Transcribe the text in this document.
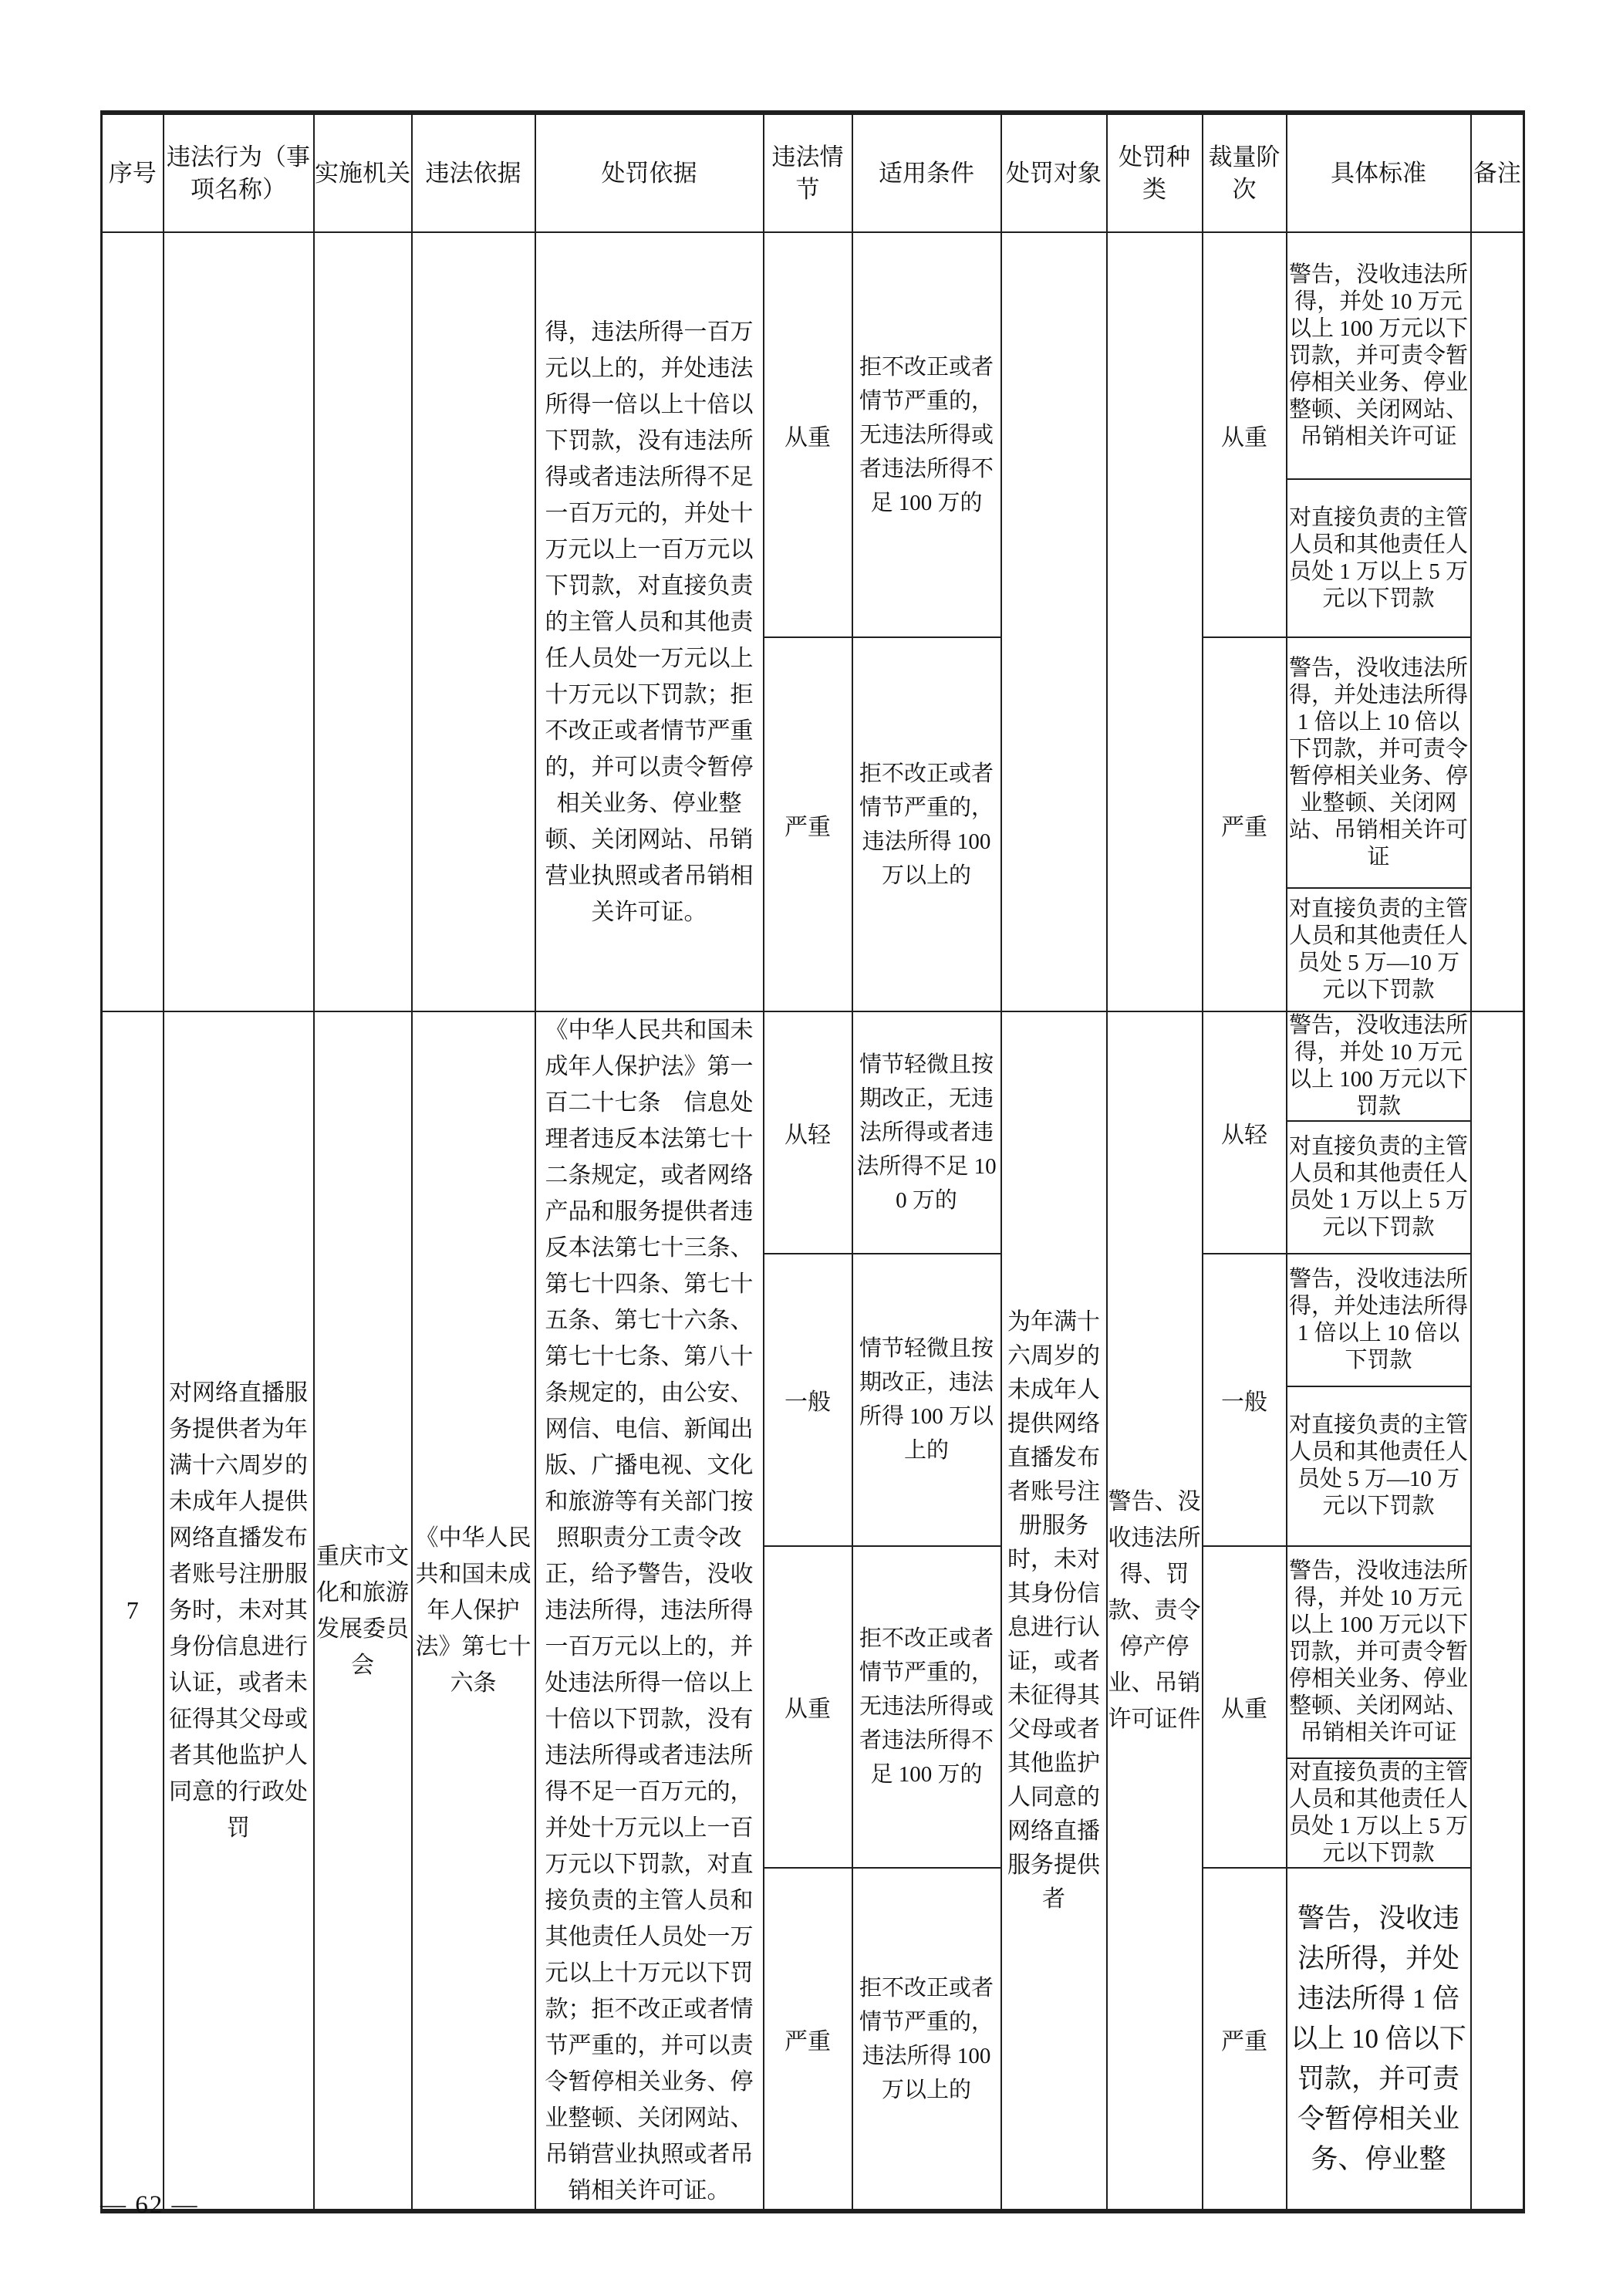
序号	违法行为（事项名称）	实施机关	违法依据	处罚依据	违法情节	适用条件	处罚对象	处罚种类	裁量阶次	具体标准	备注
				得，违法所得一百万元以上的，并处违法所得一倍以上十倍以下罚款，没有违法所得或者违法所得不足一百万元的，并处十万元以上一百万元以下罚款，对直接负责的主管人员和其他责任人员处一万元以上十万元以下罚款；拒不改正或者情节严重的，并可以责令暂停相关业务、停业整顿、关闭网站、吊销营业执照或者吊销相关许可证。	从重	拒不改正或者情节严重的，无违法所得或者违法所得不足 100 万的			从重	警告，没收违法所得，并处 10 万元以上 100 万元以下罚款，并可责令暂停相关业务、停业整顿、关闭网站、吊销相关许可证	
										对直接负责的主管人员和其他责任人员处 1 万以上 5 万元以下罚款	
					严重	拒不改正或者情节严重的，违法所得 100 万以上的			严重	警告，没收违法所得，并处违法所得 1 倍以上 10 倍以下罚款，并可责令暂停相关业务、停业整顿、关闭网站、吊销相关许可证	
										对直接负责的主管人员和其他责任人员处 5 万—10 万元以下罚款	
7	对网络直播服务提供者为年满十六周岁的未成年人提供网络直播发布者账号注册服务时，未对其身份信息进行认证，或者未征得其父母或者其他监护人同意的行政处罚	重庆市文化和旅游发展委员会	《中华人民共和国未成年人保护法》第七十六条	《中华人民共和国未成年人保护法》第一百二十七条　信息处理者违反本法第七十二条规定，或者网络产品和服务提供者违反本法第七十三条、第七十四条、第七十五条、第七十六条、第七十七条、第八十条规定的，由公安、网信、电信、新闻出版、广播电视、文化和旅游等有关部门按照职责分工责令改正，给予警告，没收违法所得，违法所得一百万元以上的，并处违法所得一倍以上十倍以下罚款，没有违法所得或者违法所得不足一百万元的，并处十万元以上一百万元以下罚款，对直接负责的主管人员和其他责任人员处一万元以上十万元以下罚款；拒不改正或者情节严重的，并可以责令暂停相关业务、停业整顿、关闭网站、吊销营业执照或者吊销相关许可证。	从轻	情节轻微且按期改正，无违法所得或者违法所得不足 100 万的	为年满十六周岁的未成年人提供网络直播发布者账号注册服务时，未对其身份信息进行认证，或者未征得其父母或者其他监护人同意的网络直播服务提供者	警告、没收违法所得、罚款、责令停产停业、吊销许可证件	从轻	警告，没收违法所得，并处 10 万元以上 100 万元以下罚款	
										对直接负责的主管人员和其他责任人员处 1 万以上 5 万元以下罚款	
					一般	情节轻微且按期改正，违法所得 100 万以上的			一般	警告，没收违法所得，并处违法所得 1 倍以上 10 倍以下罚款	
										对直接负责的主管人员和其他责任人员处 5 万—10 万元以下罚款	
					从重	拒不改正或者情节严重的，无违法所得或者违法所得不足 100 万的			从重	警告，没收违法所得，并处 10 万元以上 100 万元以下罚款，并可责令暂停相关业务、停业整顿、关闭网站、吊销相关许可证	
										对直接负责的主管人员和其他责任人员处 1 万以上 5 万元以下罚款	
					严重	拒不改正或者情节严重的，违法所得 100 万以上的			严重	警告，没收违法所得，并处违法所得 1 倍以上 10 倍以下罚款，并可责令暂停相关业务、停业整	
— 62 —
